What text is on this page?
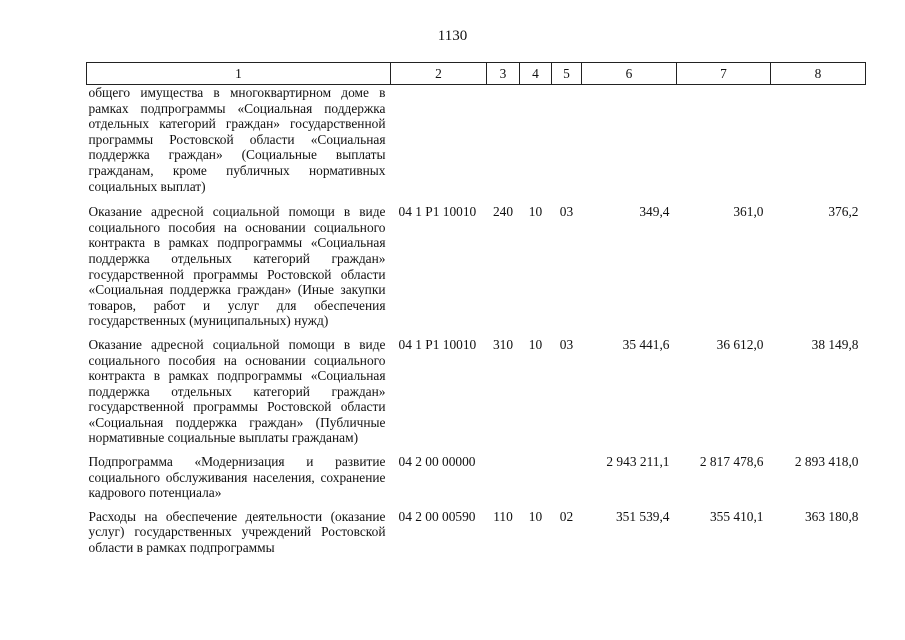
1130
1	2	3	4	5	6	7	8
общего имущества в многоквартирном доме в рамках подпрограммы «Социальная поддержка отдельных категорий граждан» государственной программы Ростовской области «Социальная поддержка граждан» (Социальные выплаты гражданам, кроме публичных нормативных социальных выплат)							
Оказание адресной социальной помощи в виде социального пособия на основании социального контракта в рамках подпрограммы «Социальная поддержка отдельных категорий граждан» государственной программы Ростовской области «Социальная поддержка граждан» (Иные закупки товаров, работ и услуг для обеспечения государственных (муниципальных) нужд)	04 1 P1 10010	240	10	03	349,4	361,0	376,2
Оказание адресной социальной помощи в виде социального пособия на основании социального контракта в рамках подпрограммы «Социальная поддержка отдельных категорий граждан» государственной программы Ростовской области «Социальная поддержка граждан» (Публичные нормативные социальные выплаты гражданам)	04 1 P1 10010	310	10	03	35 441,6	36 612,0	38 149,8
Подпрограмма «Модернизация и развитие социального обслуживания населения, сохранение кадрового потенциала»	04 2 00 00000				2 943 211,1	2 817 478,6	2 893 418,0
Расходы на обеспечение деятельности (оказание услуг) государственных учреждений Ростовской области в рамках подпрограммы	04 2 00 00590	110	10	02	351 539,4	355 410,1	363 180,8
